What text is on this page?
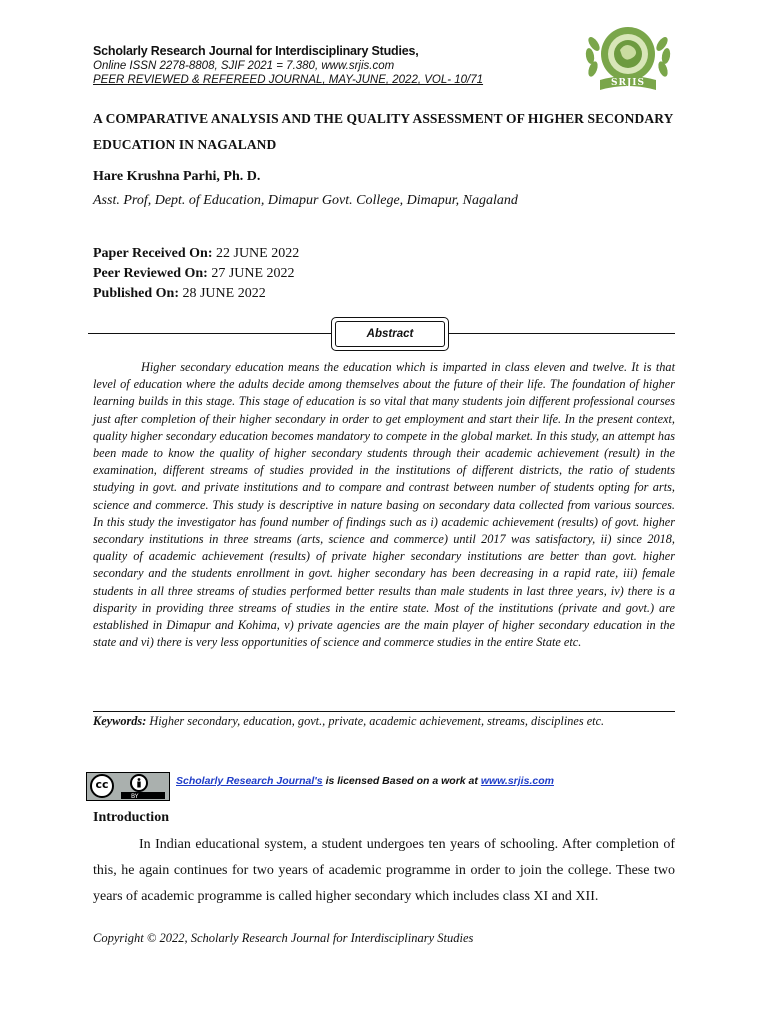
Scholarly Research Journal for Interdisciplinary Studies,
Online ISSN 2278-8808, SJIF 2021 = 7.380, www.srjis.com
PEER REVIEWED & REFEREED JOURNAL, MAY-JUNE, 2022, VOL- 10/71	SRJIS
A COMPARATIVE ANALYSIS AND THE QUALITY ASSESSMENT OF HIGHER SECONDARY EDUCATION IN NAGALAND
Hare Krushna Parhi, Ph. D.
Asst. Prof, Dept. of Education, Dimapur Govt. College, Dimapur, Nagaland
Paper Received On: 22 JUNE 2022
Peer Reviewed On: 27 JUNE 2022
Published On: 28 JUNE 2022
Abstract

Higher secondary education means the education which is imparted in class eleven and twelve. It is that level of education where the adults decide among themselves about the future of their life. The foundation of higher learning builds in this stage. This stage of education is so vital that many students join different professional courses just after completion of their higher secondary in order to get employment and start their life. In the present context, quality higher secondary education becomes mandatory to compete in the global market. In this study, an attempt has been made to know the quality of higher secondary students through their academic achievement (result) in the examination, different streams of studies provided in the institutions of different districts, the ratio of students studying in govt. and private institutions and to compare and contrast between number of students opting for arts, science and commerce. This study is descriptive in nature basing on secondary data collected from various sources. In this study the investigator has found number of findings such as i) academic achievement (results) of govt. higher secondary institutions in three streams (arts, science and commerce) until 2017 was satisfactory, ii) since 2018, quality of academic achievement (results) of private higher secondary institutions are better than govt. higher secondary and the students enrollment in govt. higher secondary has been decreasing in a rapid rate, iii) female students in all three streams of studies performed better results than male students in last three years, iv) there is a disparity in providing three streams of studies in the entire state. Most of the institutions (private and govt.) are established in Dimapur and Kohima, v) private agencies are the main player of higher secondary education in the state and vi) there is very less opportunities of science and commerce studies in the entire State etc.

Keywords: Higher secondary, education, govt., private, academic achievement, streams, disciplines etc.
cc
BY
Scholarly Research Journal's is licensed Based on a work at www.srjis.com
Introduction

In Indian educational system, a student undergoes ten years of schooling. After completion of this, he again continues for two years of academic programme in order to join the college. These two years of academic programme is called higher secondary which includes class XI and XII.

Copyright © 2022, Scholarly Research Journal for Interdisciplinary Studies
